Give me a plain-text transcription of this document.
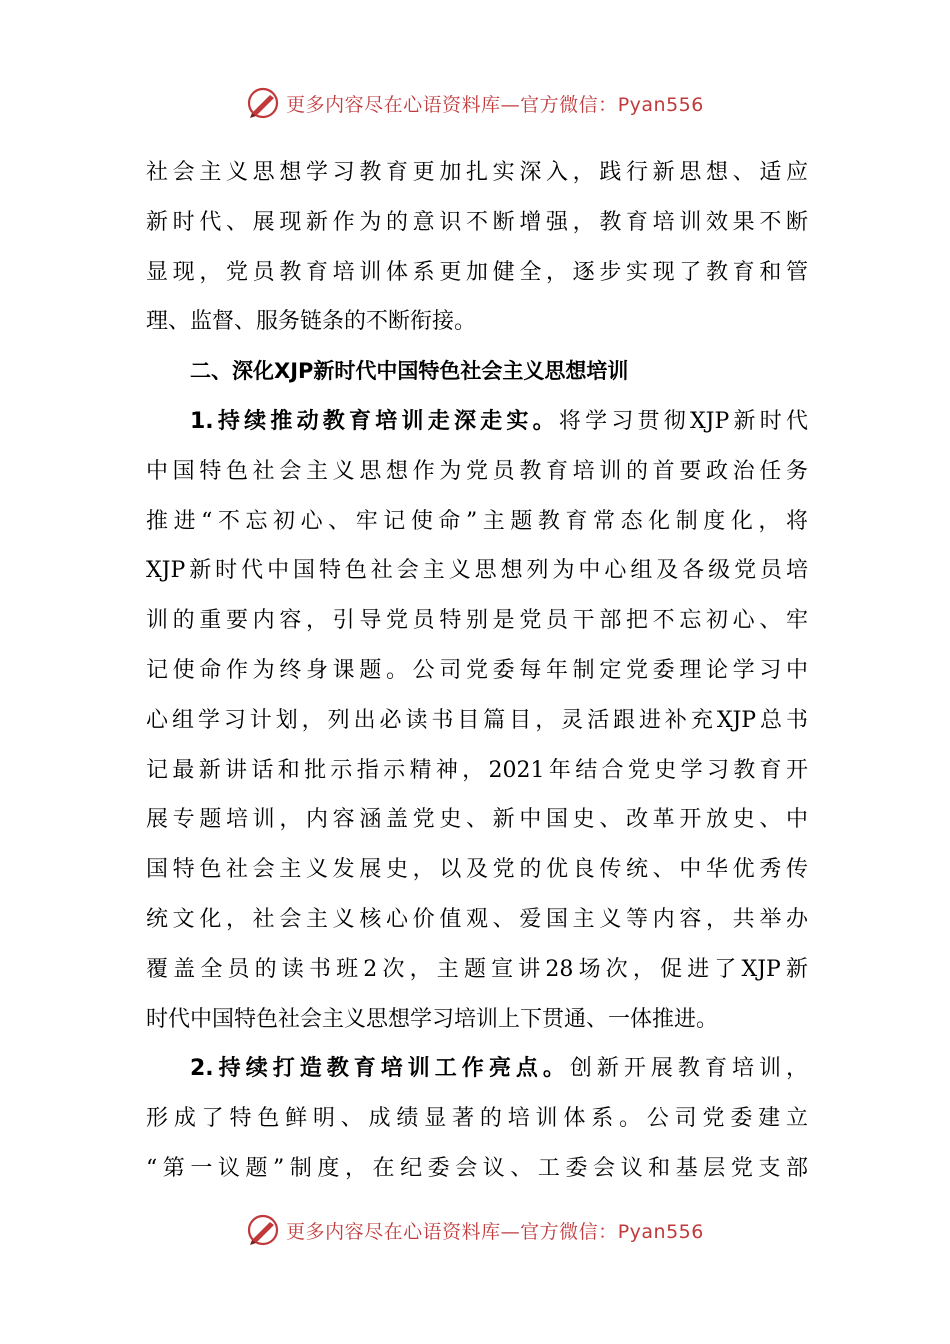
更多内容尽在心语资料库—官方微信：Pyan556
社会主义思想学习教育更加扎实深入，践行新思想、适应
新时代、展现新作为的意识不断增强，教育培训效果不断
显现，党员教育培训体系更加健全，逐步实现了教育和管
理、监督、服务链条的不断衔接。
二、深化XJP新时代中国特色社会主义思想培训
1.持续推动教育培训走深走实。将学习贯彻XJP新时代
中国特色社会主义思想作为党员教育培训的首要政治任务
推进“不忘初心、牢记使命”主题教育常态化制度化，将
XJP新时代中国特色社会主义思想列为中心组及各级党员培
训的重要内容，引导党员特别是党员干部把不忘初心、牢
记使命作为终身课题。公司党委每年制定党委理论学习中
心组学习计划，列出必读书目篇目，灵活跟进补充XJP总书
记最新讲话和批示指示精神，2021年结合党史学习教育开
展专题培训，内容涵盖党史、新中国史、改革开放史、中
国特色社会主义发展史，以及党的优良传统、中华优秀传
统文化，社会主义核心价值观、爱国主义等内容，共举办
覆盖全员的读书班2次，主题宣讲28场次，促进了XJP新
时代中国特色社会主义思想学习培训上下贯通、一体推进。
2.持续打造教育培训工作亮点。创新开展教育培训，
形成了特色鲜明、成绩显著的培训体系。公司党委建立
“第一议题”制度，在纪委会议、工委会议和基层党支部
更多内容尽在心语资料库—官方微信：Pyan556
